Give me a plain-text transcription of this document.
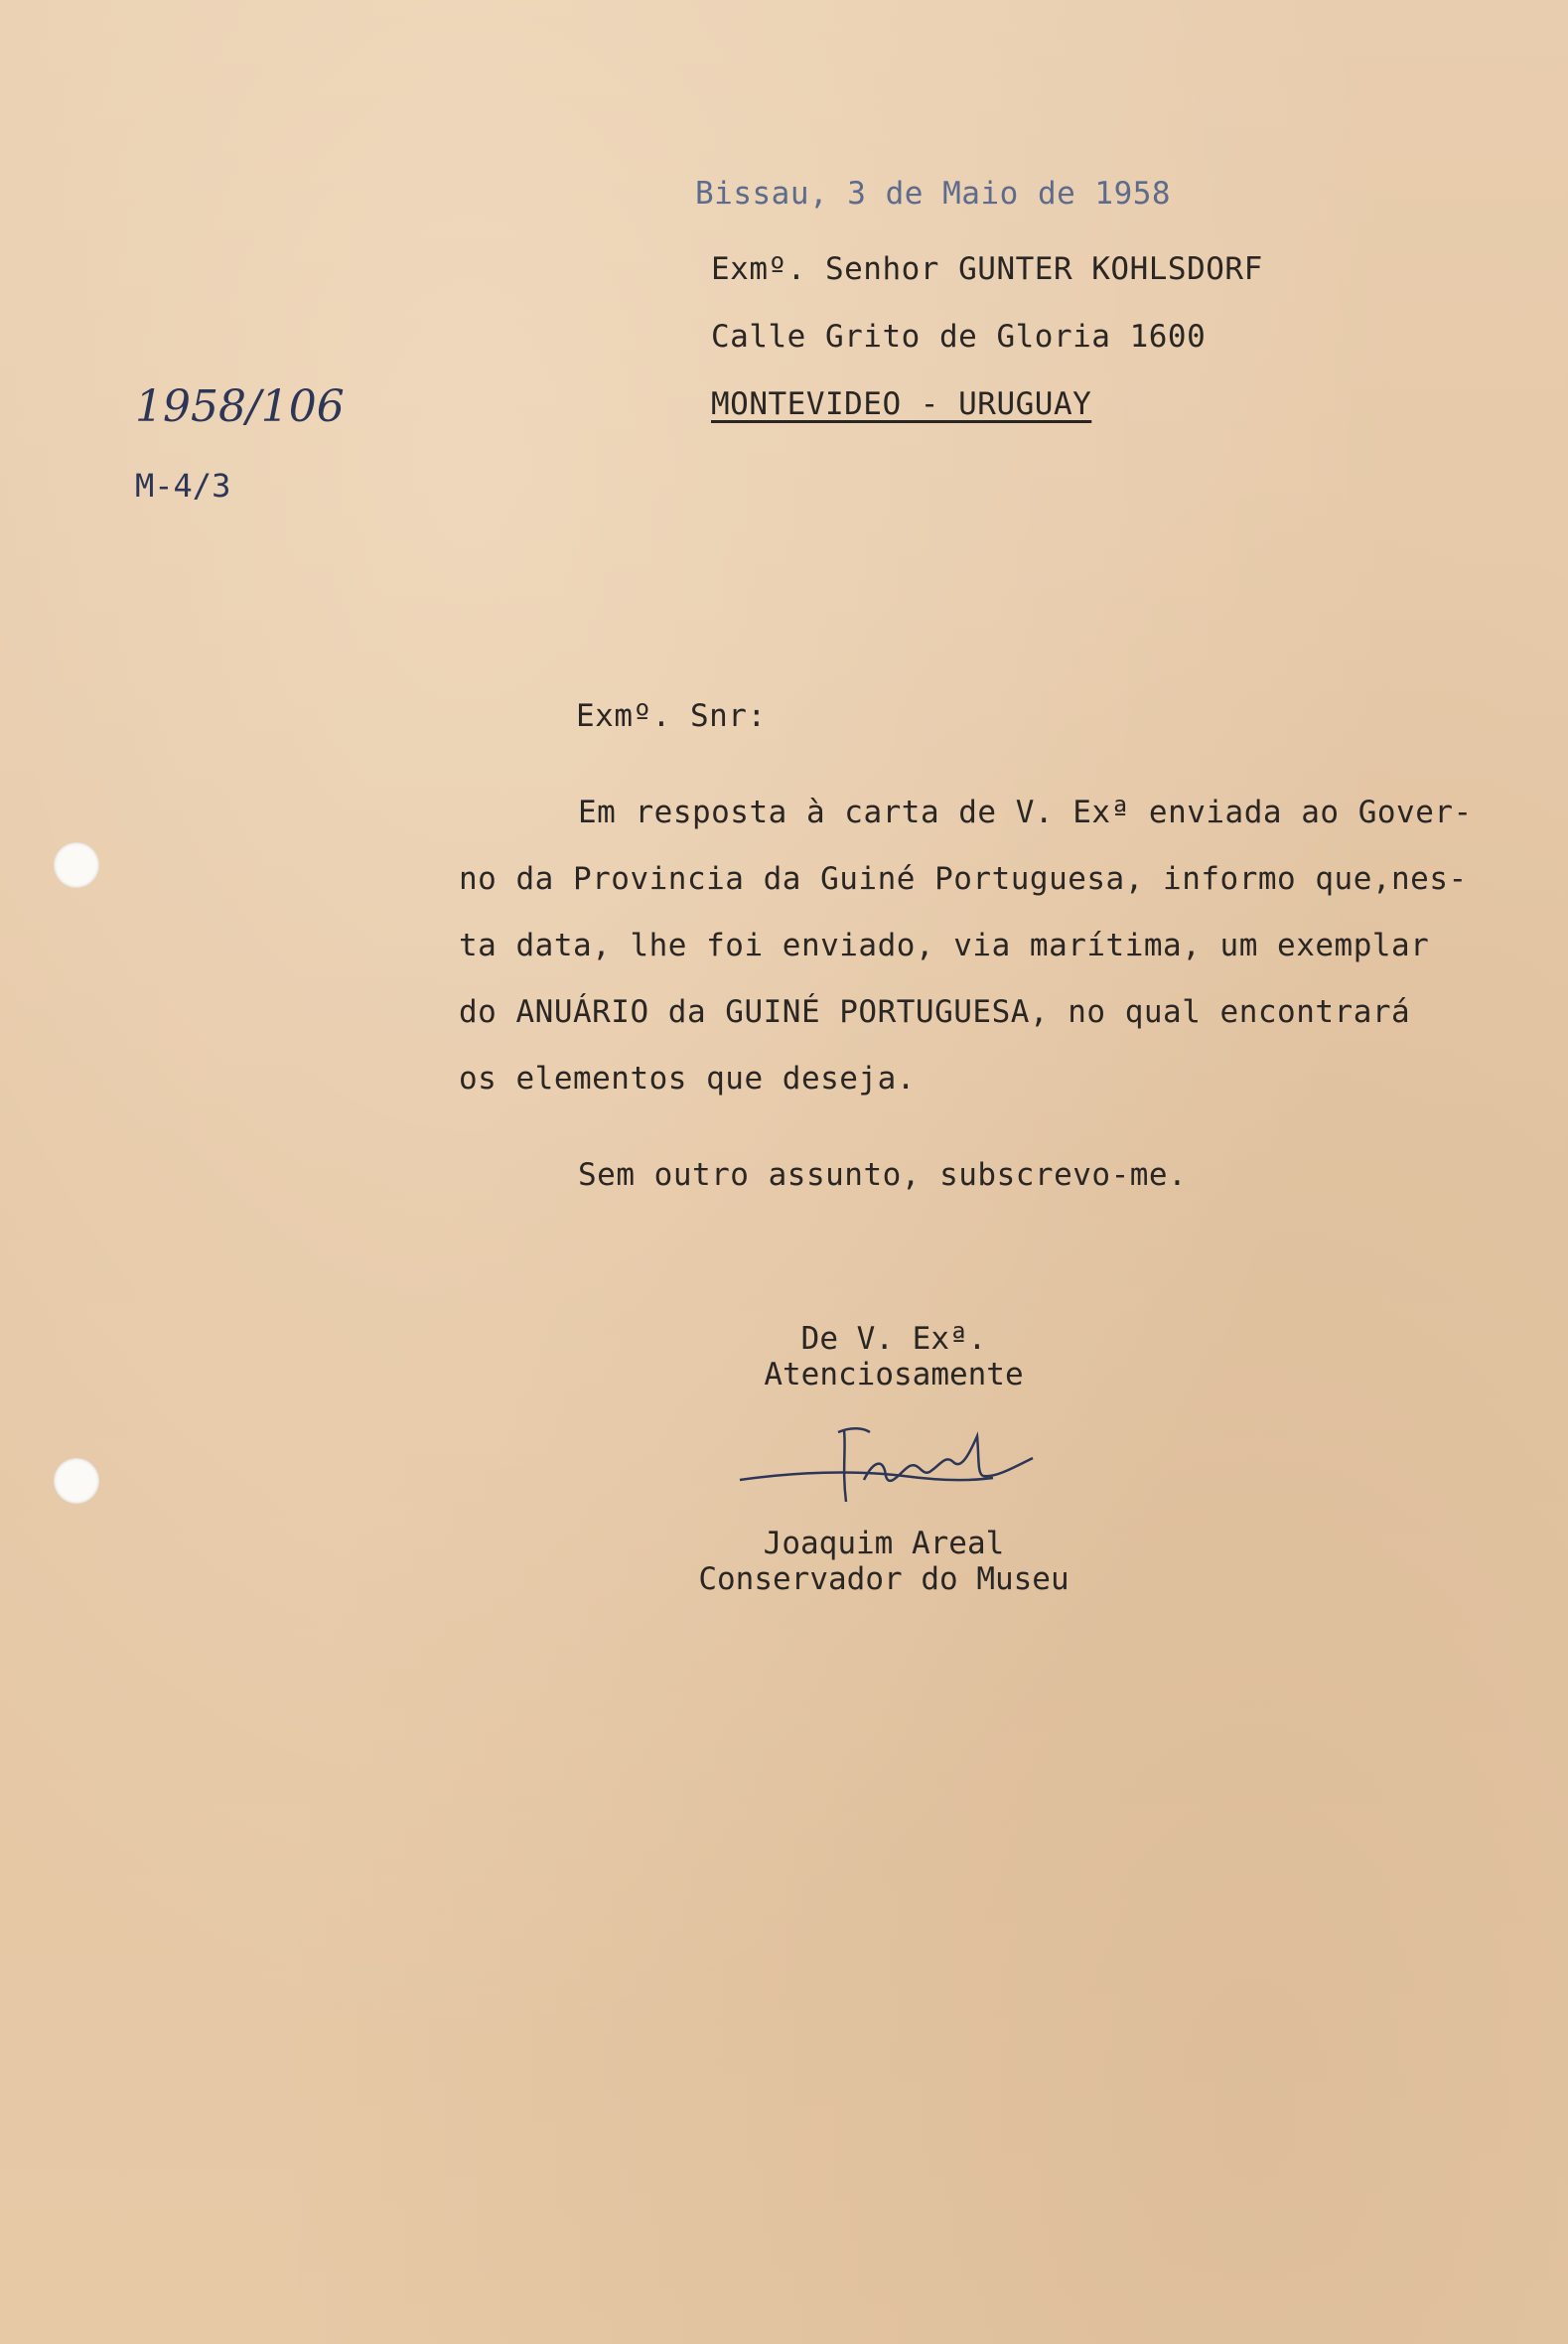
Bissau, 3 de Maio de 1958
Exmº. Senhor GUNTER KOHLSDORF
Calle Grito de Gloria 1600
MONTEVIDEO - URUGUAY
1958/106
M-4/3
Exmº. Snr:
Em resposta à carta de V. Exª enviada ao Gover-
no da Provincia da Guiné Portuguesa, informo que,nes-
ta data, lhe foi enviado, via marítima, um exemplar
do ANUÁRIO da GUINÉ PORTUGUESA, no qual encontrará
os elementos que deseja.
Sem outro assunto, subscrevo-me.
De V. Exª.
Atenciosamente
Joaquim Areal
Conservador do Museu
